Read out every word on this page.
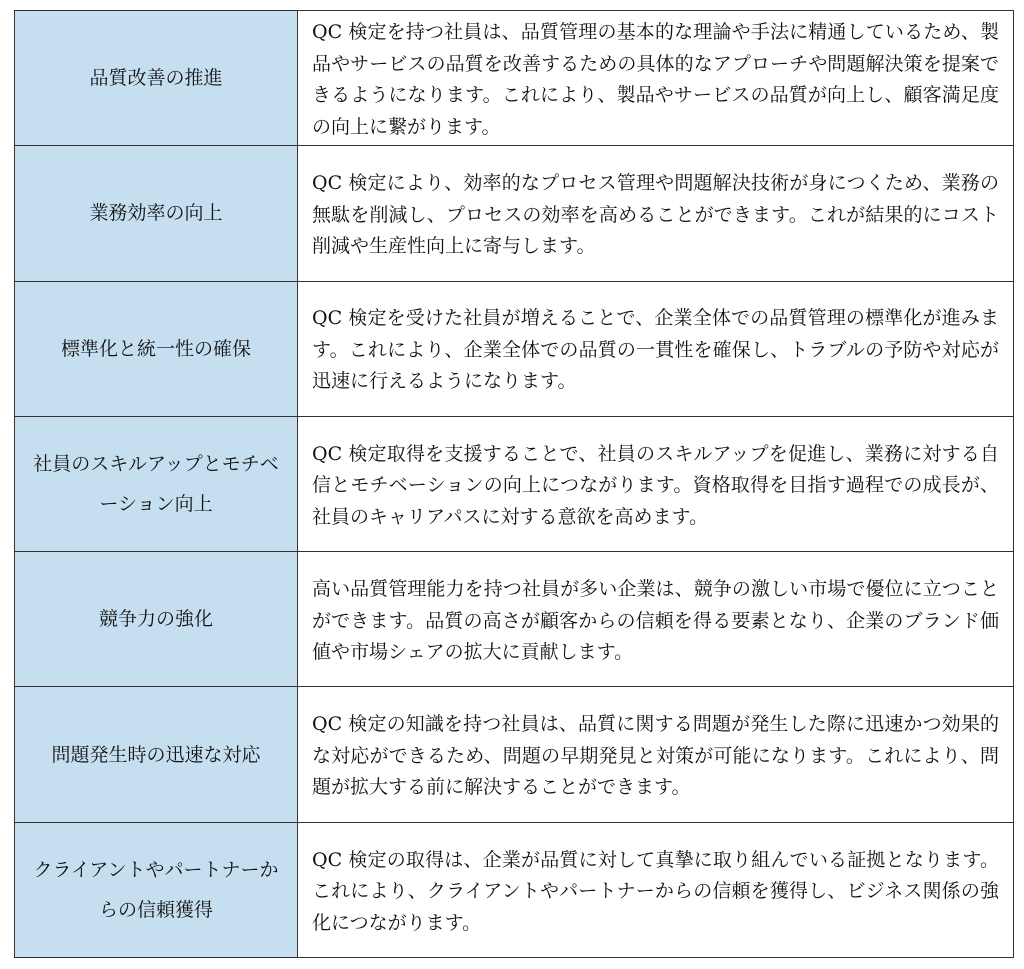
品質改善の推進
QC 検定を持つ社員は、品質管理の基本的な理論や手法に精通しているため、製品やサービスの品質を改善するための具体的なアプローチや問題解決策を提案できるようになります。これにより、製品やサービスの品質が向上し、顧客満足度の向上に繋がります。
業務効率の向上
QC 検定により、効率的なプロセス管理や問題解決技術が身につくため、業務の無駄を削減し、プロセスの効率を高めることができます。これが結果的にコスト削減や生産性向上に寄与します。
標準化と統一性の確保
QC 検定を受けた社員が増えることで、企業全体での品質管理の標準化が進みます。これにより、企業全体での品質の一貫性を確保し、トラブルの予防や対応が迅速に行えるようになります。
社員のスキルアップとモチベーション向上
QC 検定取得を支援することで、社員のスキルアップを促進し、業務に対する自信とモチベーションの向上につながります。資格取得を目指す過程での成長が、社員のキャリアパスに対する意欲を高めます。
競争力の強化
高い品質管理能力を持つ社員が多い企業は、競争の激しい市場で優位に立つことができます。品質の高さが顧客からの信頼を得る要素となり、企業のブランド価値や市場シェアの拡大に貢献します。
問題発生時の迅速な対応
QC 検定の知識を持つ社員は、品質に関する問題が発生した際に迅速かつ効果的な対応ができるため、問題の早期発見と対策が可能になります。これにより、問題が拡大する前に解決することができます。
クライアントやパートナーからの信頼獲得
QC 検定の取得は、企業が品質に対して真摯に取り組んでいる証拠となります。これにより、クライアントやパートナーからの信頼を獲得し、ビジネス関係の強化につながります。
